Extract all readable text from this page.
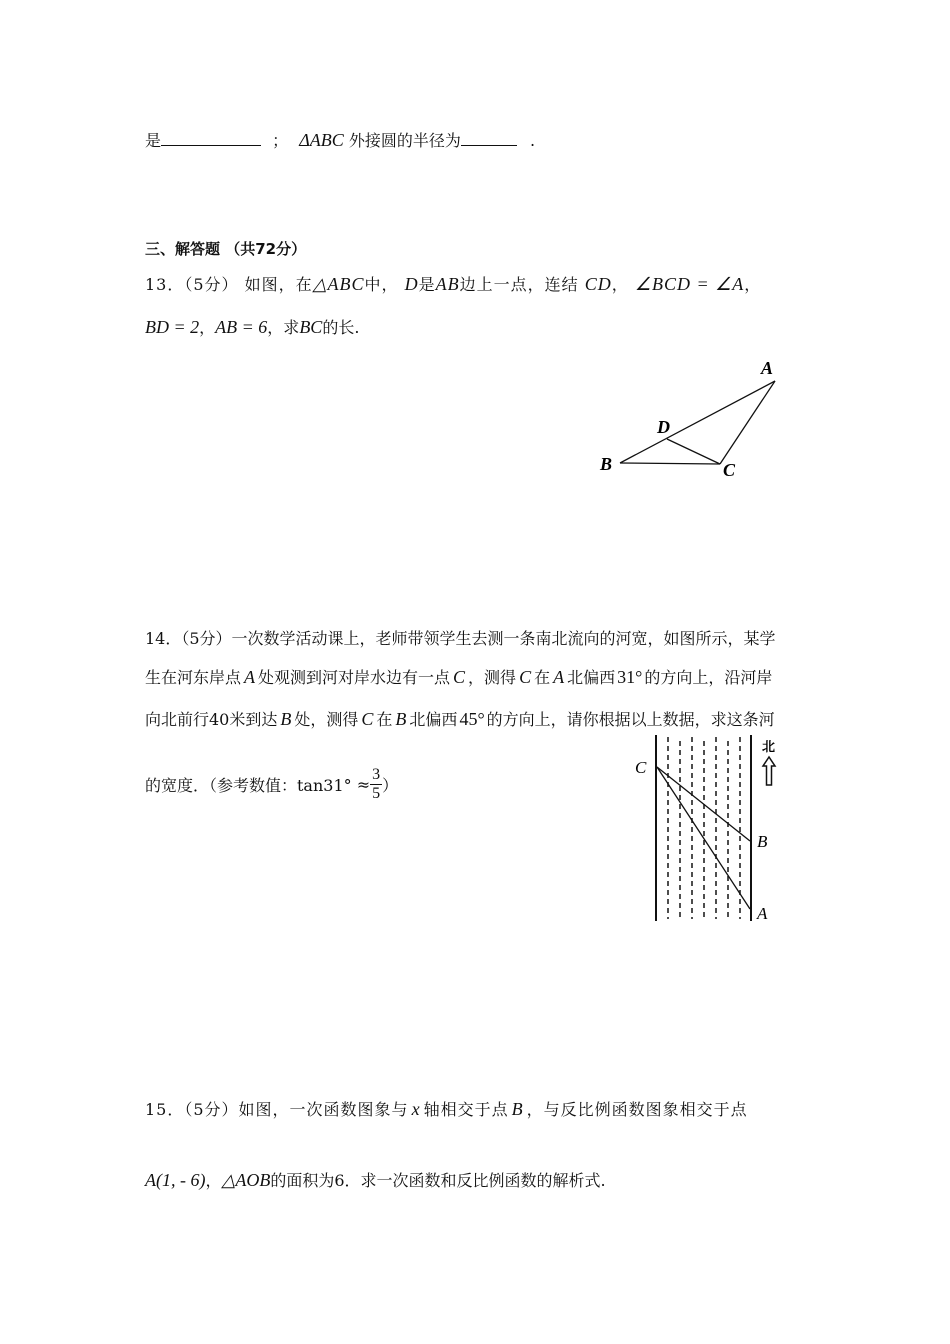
是	； ΔABC 外接圆的半径为	.
三、解答题 （共72分）
13．（5分） 如图，在△ABC中， D是AB边上一点，连结 CD， ∠BCD = ∠A，
BD = 2，AB = 6，求BC的长.
A
D
B	C
14．（5分）一次数学活动课上，老师带领学生去测一条南北流向的河宽，如图所示，某学
生在河东岸点 A 处观测到河对岸水边有一点 C ，测得 C 在 A 北偏西 31° 的方向上，沿河岸
向北前行40米到达 B 处，测得 C 在 B 北偏西 45° 的方向上，请你根据以上数据，求这条河
的宽度．（参考数值：$\tan 31^\circ \approx \frac{3}{5}$ ）
C
B
A
北
15．（5分）如图，一次函数图象与 x 轴相交于点 B ，与反比例函数图象相交于点
A(1, - 6)，△AOB的面积为6．求一次函数和反比例函数的解析式.
